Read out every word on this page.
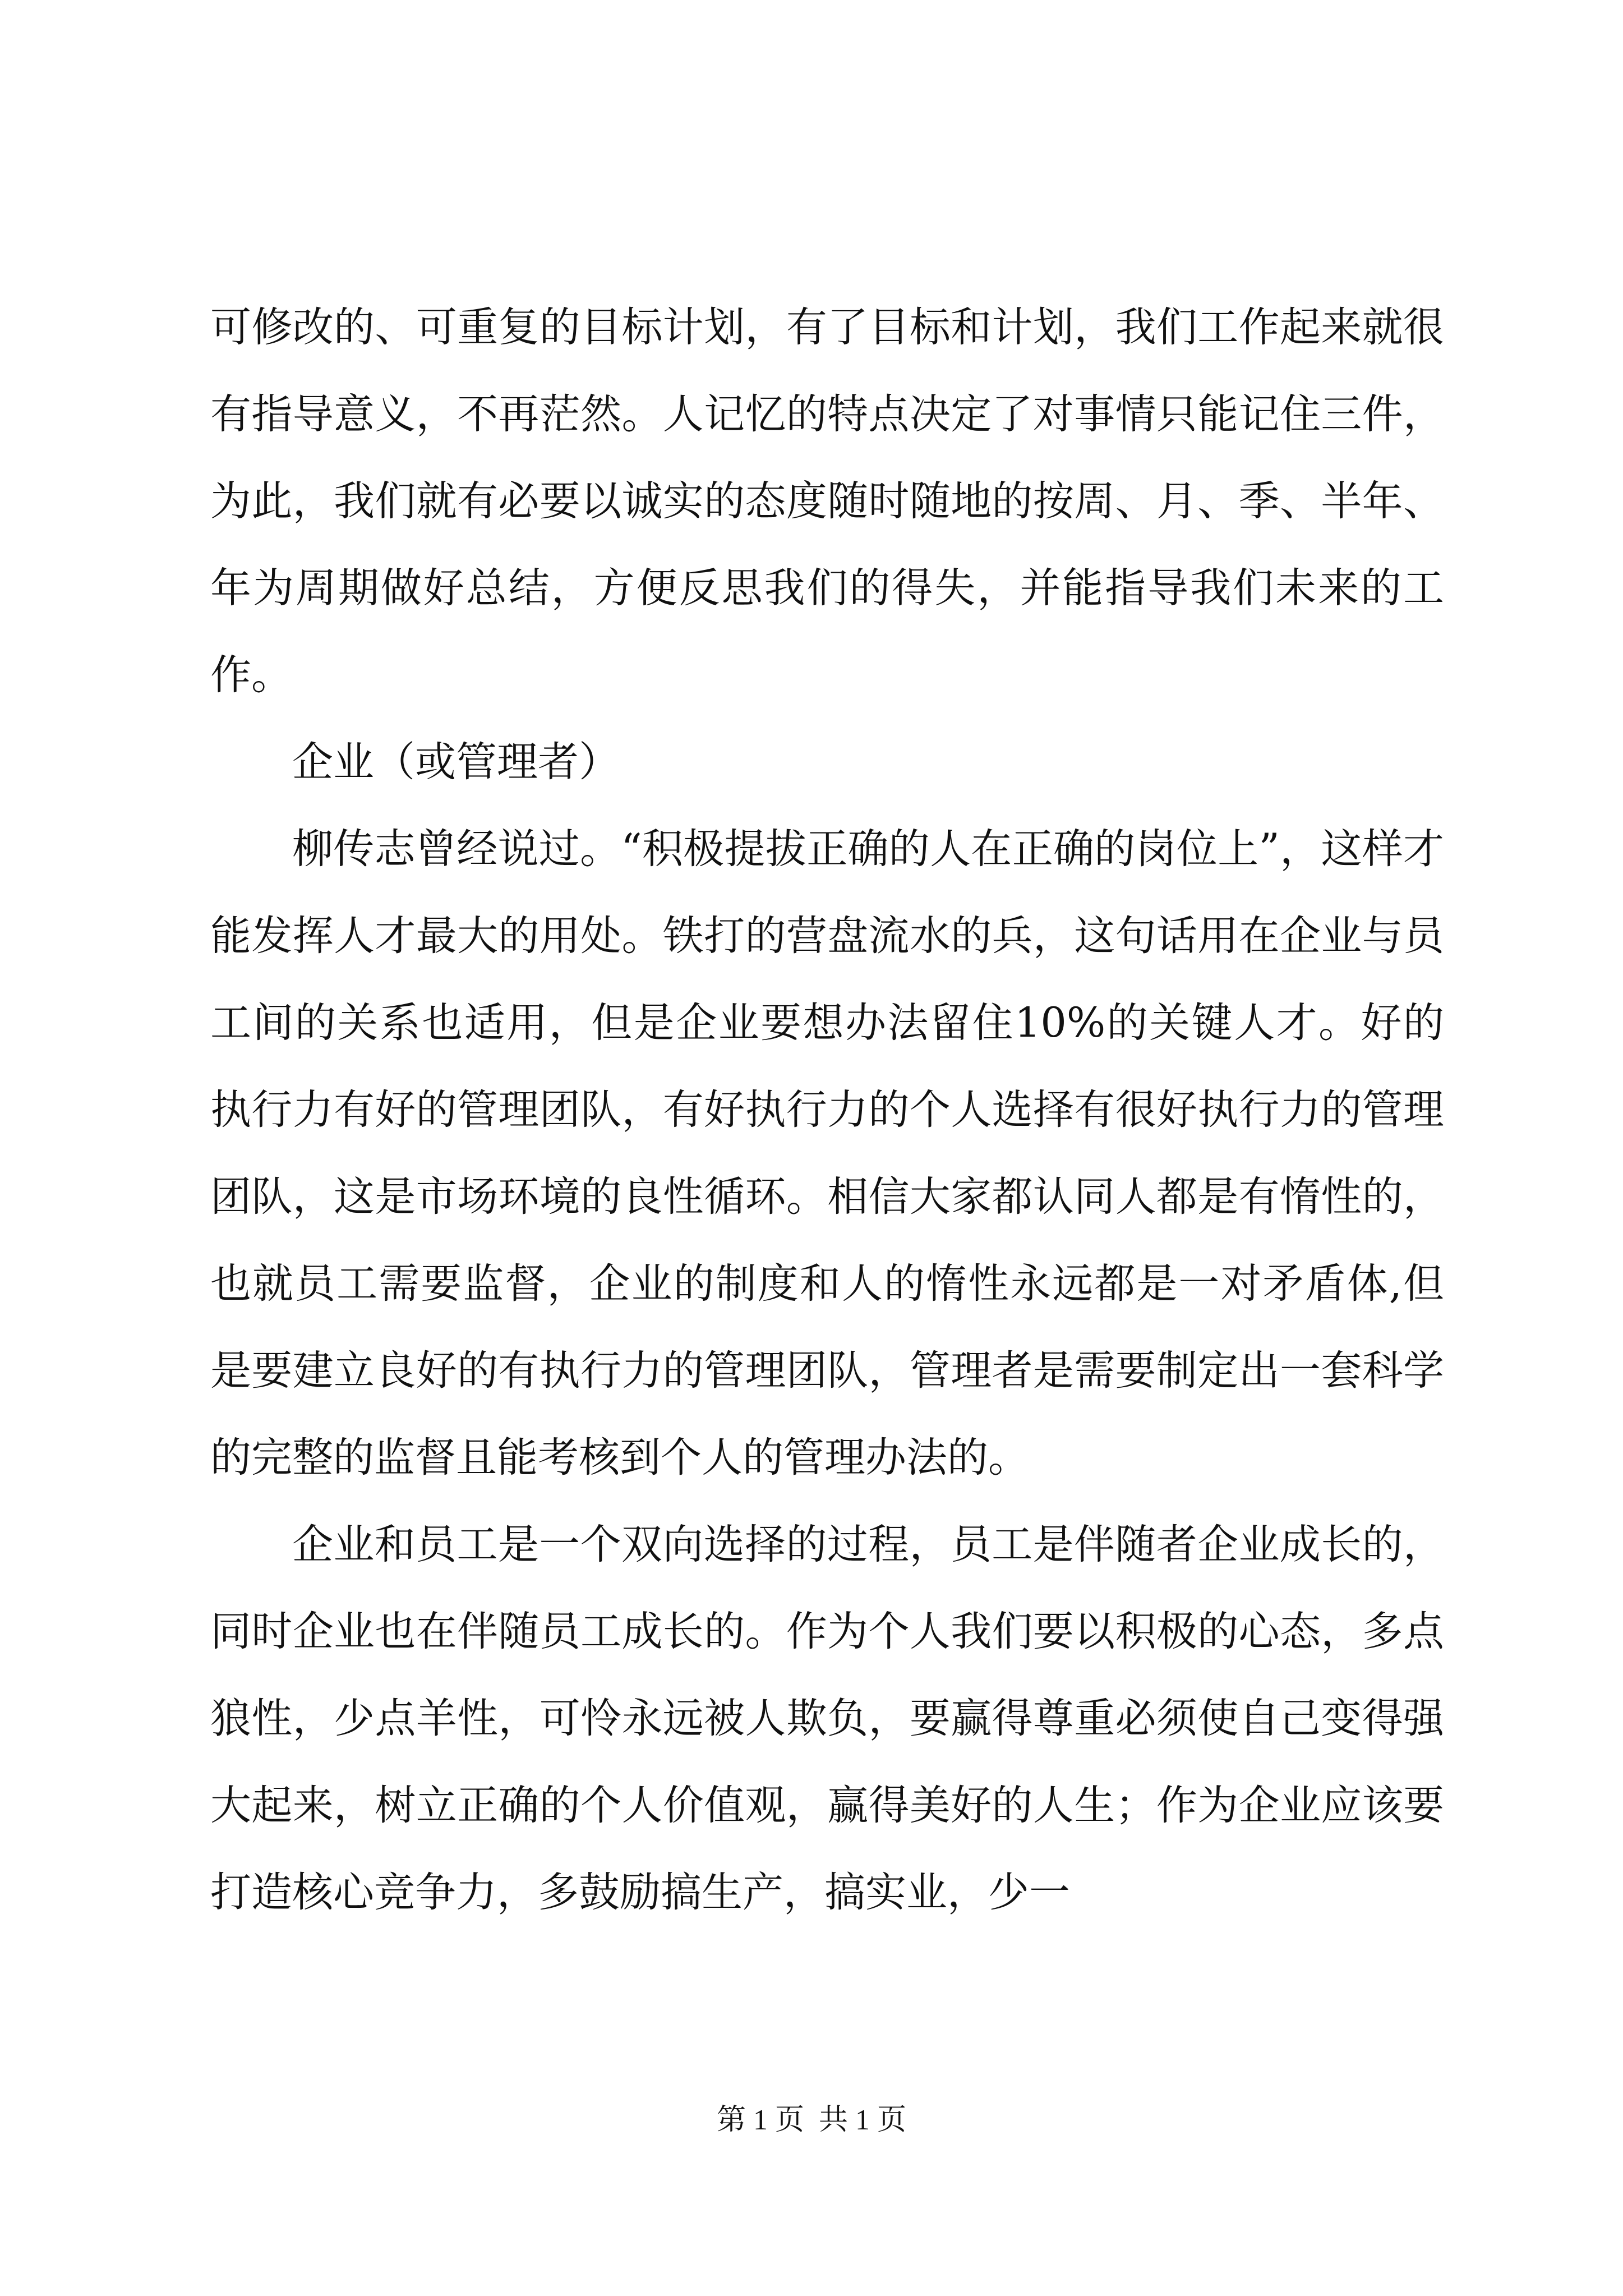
可修改的、可重复的目标计划，有了目标和计划，我们工作起来就很有指导意义，不再茫然。人记忆的特点决定了对事情只能记住三件，为此，我们就有必要以诚实的态度随时随地的按周、月、季、半年、年为周期做好总结，方便反思我们的得失，并能指导我们未来的工作。

企业（或管理者）

柳传志曾经说过。“积极提拔正确的人在正确的岗位上”，这样才能发挥人才最大的用处。铁打的营盘流水的兵，这句话用在企业与员工间的关系也适用，但是企业要想办法留住10%的关键人才。好的执行力有好的管理团队，有好执行力的个人选择有很好执行力的管理团队，这是市场环境的良性循环。相信大家都认同人都是有惰性的，也就员工需要监督，企业的制度和人的惰性永远都是一对矛盾体,但是要建立良好的有执行力的管理团队，管理者是需要制定出一套科学的完整的监督且能考核到个人的管理办法的。

企业和员工是一个双向选择的过程，员工是伴随者企业成长的，同时企业也在伴随员工成长的。作为个人我们要以积极的心态，多点狼性，少点羊性，可怜永远被人欺负，要赢得尊重必须使自己变得强大起来，树立正确的个人价值观，赢得美好的人生；作为企业应该要打造核心竞争力，多鼓励搞生产，搞实业，少一

第 1 页  共 1 页
